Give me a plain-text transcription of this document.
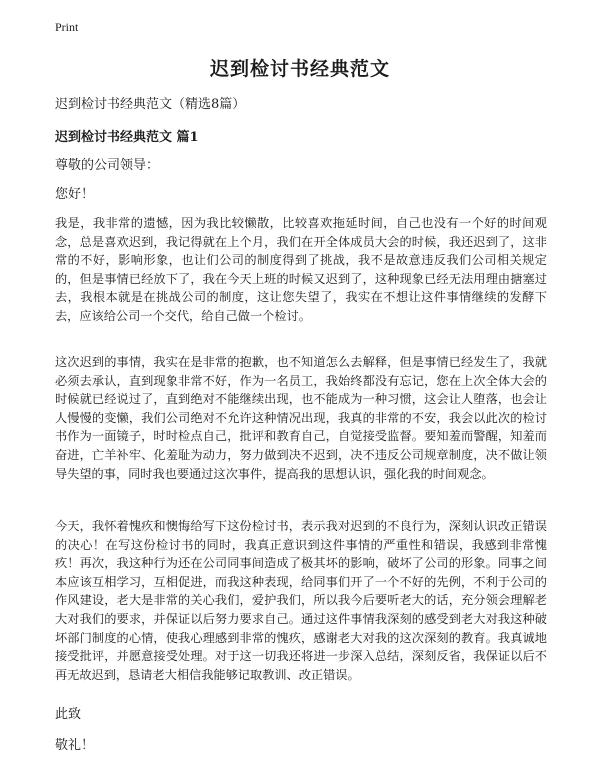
Print
迟到检讨书经典范文

迟到检讨书经典范文（精选8篇）

迟到检讨书经典范文 篇1

尊敬的公司领导：

您好！

我是，我非常的遗憾，因为我比较懒散，比较喜欢拖延时间，自己也没有一个好的时间观念，总是喜欢迟到，我记得就在上个月，我们在开全体成员大会的时候，我还迟到了，这非常的不好，影响形象，也让们公司的制度得到了挑战，我不是故意违反我们公司相关规定的，但是事情已经放下了，我在今天上班的时候又迟到了，这种现象已经无法用理由搪塞过去，我根本就是在挑战公司的制度，这让您失望了，我实在不想让这件事情继续的发酵下去，应该给公司一个交代，给自己做一个检讨。

这次迟到的事情，我实在是非常的抱歉，也不知道怎么去解释，但是事情已经发生了，我就必须去承认，直到现象非常不好，作为一名员工，我始终都没有忘记，您在上次全体大会的时候就已经说过了，直到绝对不能继续出现，也不能成为一种习惯，这会让人堕落，也会让人慢慢的变懒，我们公司绝对不允许这种情况出现，我真的非常的不安，我会以此次的检讨书作为一面镜子，时时检点自己，批评和教育自己，自觉接受监督。要知羞而警醒，知羞而奋进，亡羊补牢、化羞耻为动力，努力做到决不迟到，决不违反公司规章制度，决不做让领导失望的事，同时我也要通过这次事件，提高我的思想认识，强化我的时间观念。

今天，我怀着愧疚和懊悔给写下这份检讨书，表示我对迟到的不良行为，深刻认识改正错误的决心！在写这份检讨书的同时，我真正意识到这件事情的严重性和错误，我感到非常愧疚！再次，我这种行为还在公司同事间造成了极其坏的影响，破坏了公司的形象。同事之间本应该互相学习，互相促进，而我这种表现，给同事们开了一个不好的先例，不利于公司的作风建设，老大是非常的关心我们，爱护我们，所以我今后要听老大的话，充分领会理解老大对我们的要求，并保证以后努力要求自己。通过这件事情我深刻的感受到老大对我这种破坏部门制度的心情，使我心理感到非常的愧疚，感谢老大对我的这次深刻的教育。我真诚地接受批评，并愿意接受处理。对于这一切我还将进一步深入总结，深刻反省，我保证以后不再无故迟到，恳请老大相信我能够记取教训、改正错误。

此致

敬礼！
